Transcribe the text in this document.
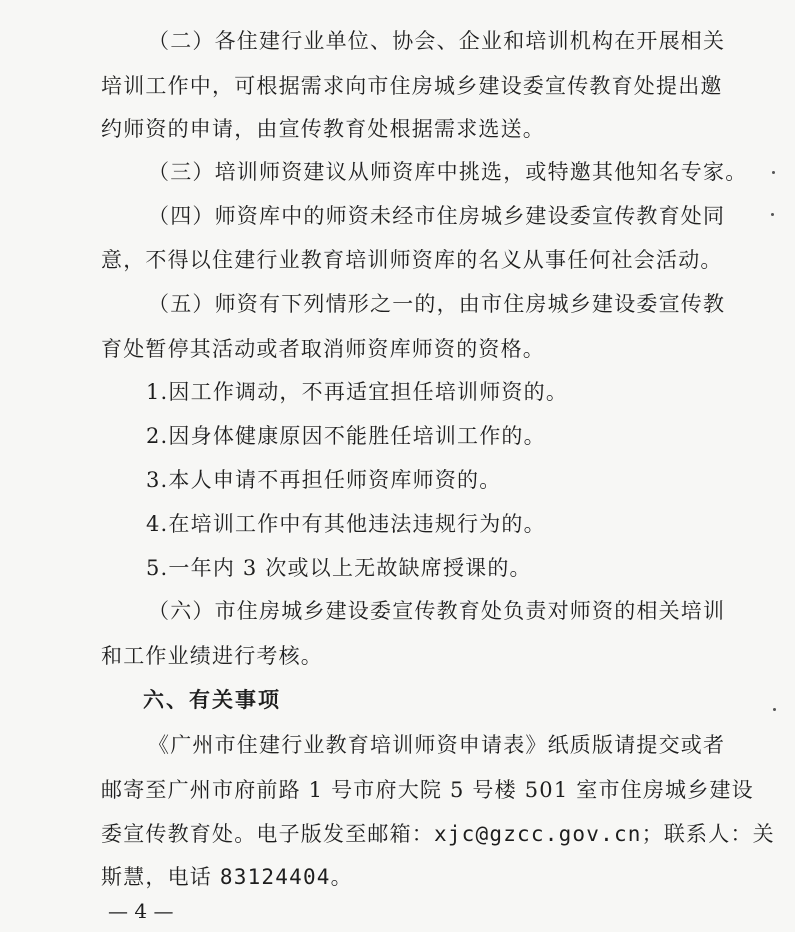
（二）各住建行业单位、协会、企业和培训机构在开展相关
培训工作中，可根据需求向市住房城乡建设委宣传教育处提出邀
约师资的申请，由宣传教育处根据需求选送。
（三）培训师资建议从师资库中挑选，或特邀其他知名专家。
（四）师资库中的师资未经市住房城乡建设委宣传教育处同
意，不得以住建行业教育培训师资库的名义从事任何社会活动。
（五）师资有下列情形之一的，由市住房城乡建设委宣传教
育处暂停其活动或者取消师资库师资的资格。
1.因工作调动，不再适宜担任培训师资的。
2.因身体健康原因不能胜任培训工作的。
3.本人申请不再担任师资库师资的。
4.在培训工作中有其他违法违规行为的。
5.一年内 3 次或以上无故缺席授课的。
（六）市住房城乡建设委宣传教育处负责对师资的相关培训
和工作业绩进行考核。
六、有关事项
《广州市住建行业教育培训师资申请表》纸质版请提交或者
邮寄至广州市府前路 1 号市府大院 5 号楼 501 室市住房城乡建设
委宣传教育处。电子版发至邮箱：xjc@gzcc.gov.cn；联系人：关
斯慧，电话 83124404。
— 4 —
